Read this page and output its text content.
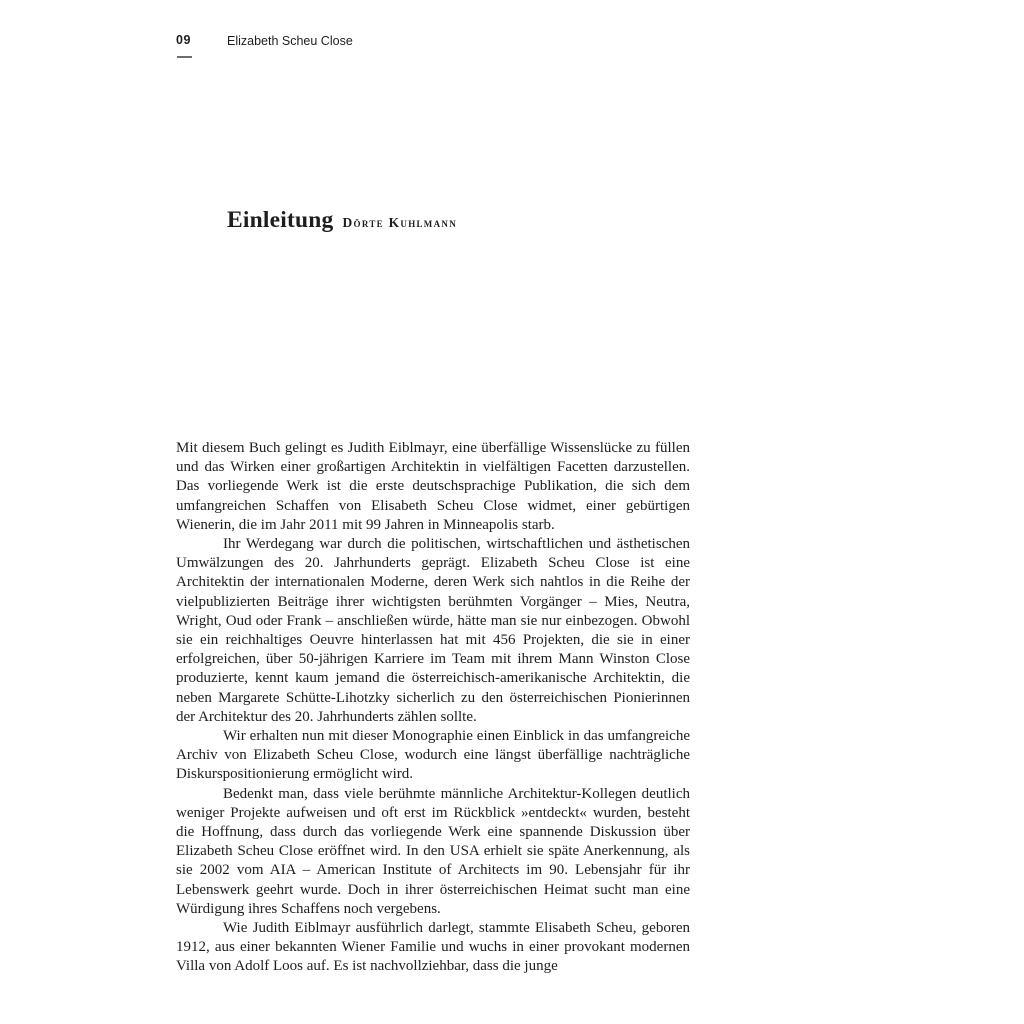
09	Elizabeth Scheu Close
Einleitung Dörte Kuhlmann

Mit diesem Buch gelingt es Judith Eiblmayr, eine überfällige Wissenslücke zu füllen und das Wirken einer großartigen Architektin in vielfältigen Facetten darzustellen. Das vorliegende Werk ist die erste deutschsprachige Publikation, die sich dem umfangreichen Schaffen von Elisabeth Scheu Close widmet, einer gebürtigen Wienerin, die im Jahr 2011 mit 99 Jahren in Minneapolis starb.

Ihr Werdegang war durch die politischen, wirtschaftlichen und ästhetischen Umwälzungen des 20. Jahrhunderts geprägt. Elizabeth Scheu Close ist eine Architektin der internationalen Moderne, deren Werk sich nahtlos in die Reihe der vielpublizierten Beiträge ihrer wichtigsten berühmten Vorgänger – Mies, Neutra, Wright, Oud oder Frank – anschließen würde, hätte man sie nur einbezogen. Obwohl sie ein reichhaltiges Oeuvre hinterlassen hat mit 456 Projekten, die sie in einer erfolgreichen, über 50-jährigen Karriere im Team mit ihrem Mann Winston Close produzierte, kennt kaum jemand die österreichisch-amerikanische Architektin, die neben Margarete Schütte-Lihotzky sicherlich zu den österreichischen Pionierinnen der Architektur des 20. Jahrhunderts zählen sollte.

Wir erhalten nun mit dieser Monographie einen Einblick in das umfangreiche Archiv von Elizabeth Scheu Close, wodurch eine längst überfällige nachträgliche Diskurspositionierung ermöglicht wird.

Bedenkt man, dass viele berühmte männliche Architektur-Kollegen deutlich weniger Projekte aufweisen und oft erst im Rückblick »entdeckt« wurden, besteht die Hoffnung, dass durch das vorliegende Werk eine spannende Diskussion über Elizabeth Scheu Close eröffnet wird. In den USA erhielt sie späte Anerkennung, als sie 2002 vom AIA – American Institute of Architects im 90. Lebensjahr für ihr Lebenswerk geehrt wurde. Doch in ihrer österreichischen Heimat sucht man eine Würdigung ihres Schaffens noch vergebens.

Wie Judith Eiblmayr ausführlich darlegt, stammte Elisabeth Scheu, geboren 1912, aus einer bekannten Wiener Familie und wuchs in einer provokant modernen Villa von Adolf Loos auf. Es ist nachvollziehbar, dass die junge
